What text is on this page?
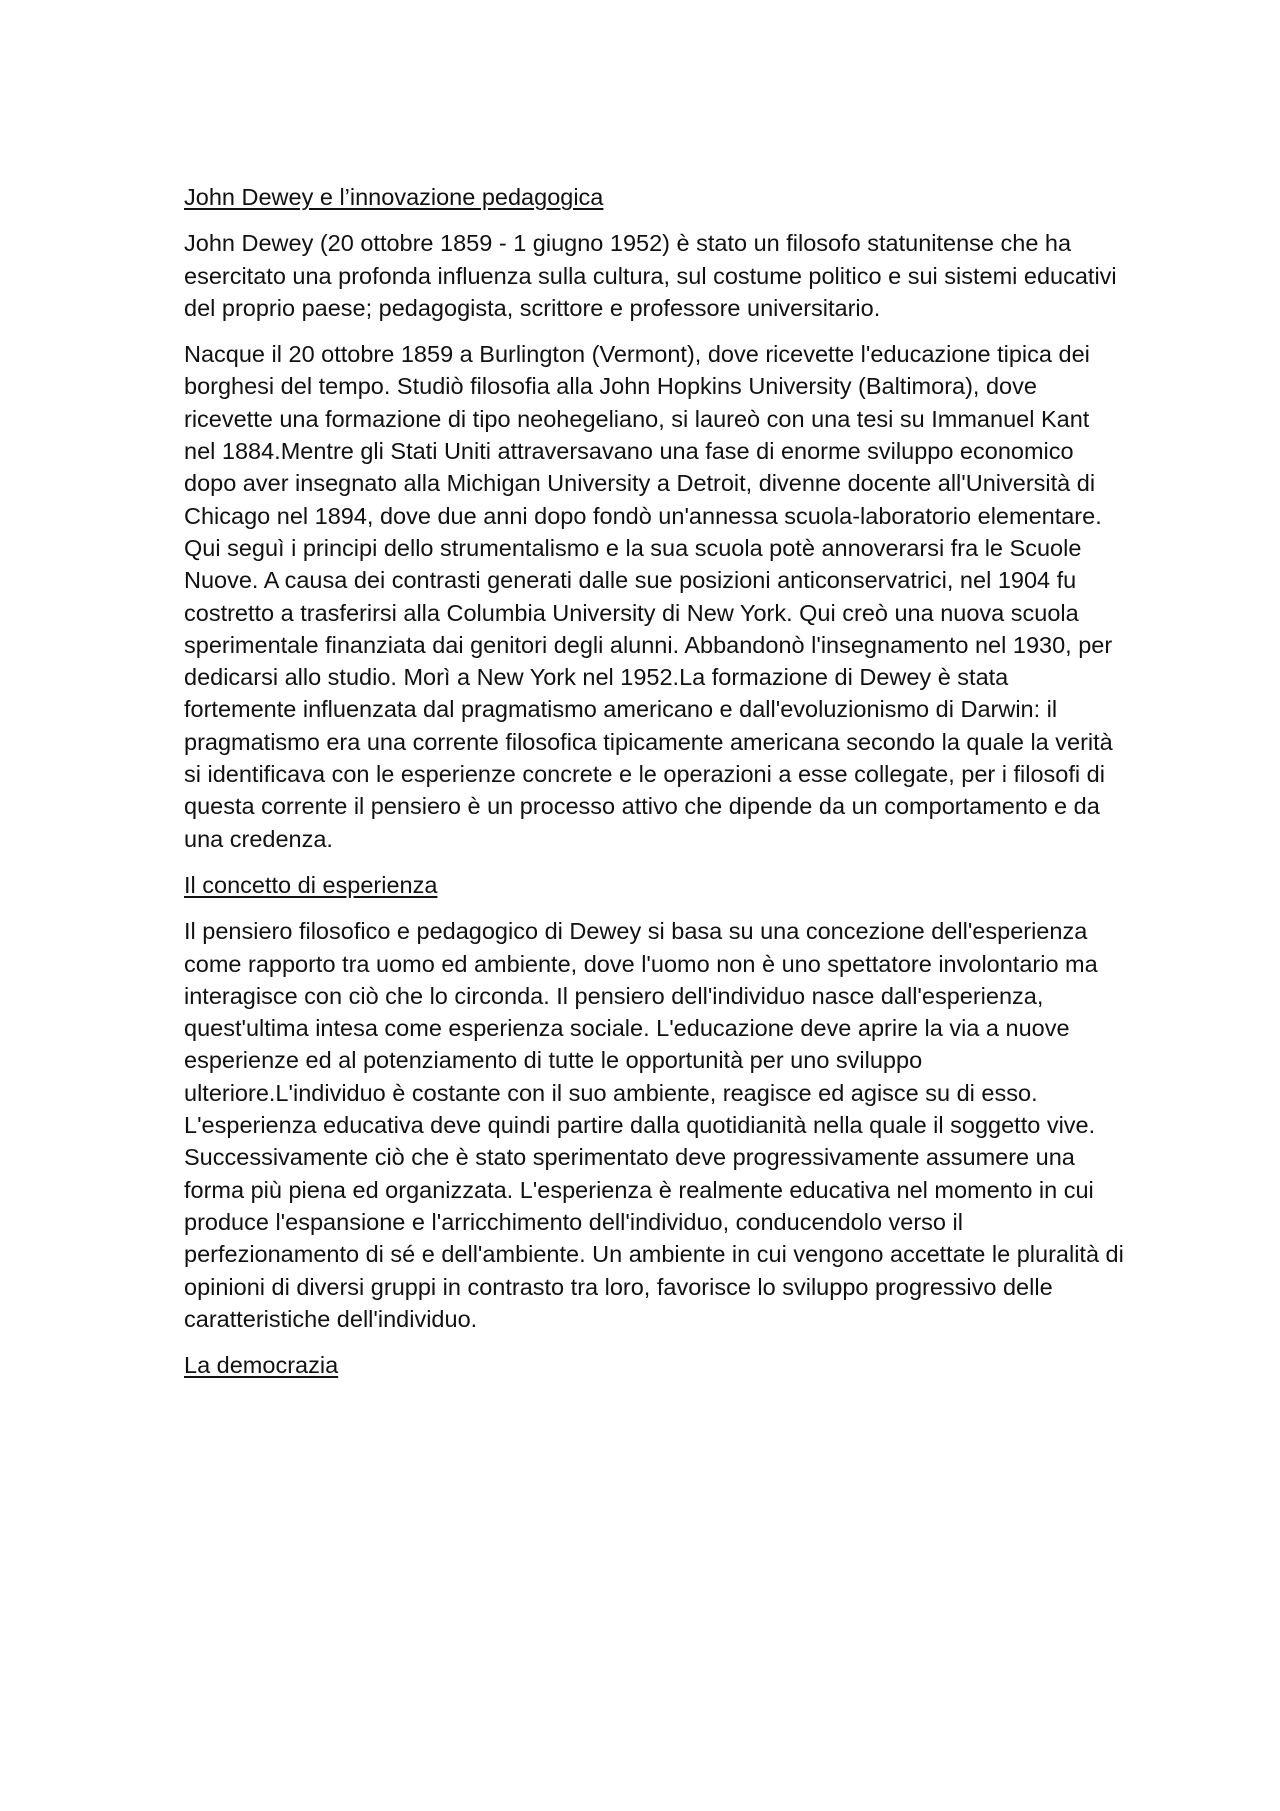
John Dewey e l’innovazione pedagogica

John Dewey (20 ottobre 1859 - 1 giugno 1952) è stato un filosofo statunitense che ha esercitato una profonda influenza sulla cultura, sul costume politico e sui sistemi educativi del proprio paese; pedagogista, scrittore e professore universitario.

Nacque il 20 ottobre 1859 a Burlington (Vermont), dove ricevette l'educazione tipica dei borghesi del tempo. Studiò filosofia alla John Hopkins University (Baltimora), dove ricevette una formazione di tipo neohegeliano, si laureò con una tesi su Immanuel Kant nel 1884.Mentre gli Stati Uniti attraversavano una fase di enorme sviluppo economico dopo aver insegnato alla Michigan University a Detroit, divenne docente all'Università di Chicago nel 1894, dove due anni dopo fondò un'annessa scuola-laboratorio elementare. Qui seguì i principi dello strumentalismo e la sua scuola potè annoverarsi fra le Scuole Nuove. A causa dei contrasti generati dalle sue posizioni anticonservatrici, nel 1904 fu costretto a trasferirsi alla Columbia University di New York. Qui creò una nuova scuola sperimentale finanziata dai genitori degli alunni. Abbandonò l'insegnamento nel 1930, per dedicarsi allo studio. Morì a New York nel 1952.La formazione di Dewey è stata fortemente influenzata dal pragmatismo americano e dall'evoluzionismo di Darwin: il pragmatismo era una corrente filosofica tipicamente americana secondo la quale la verità si identificava con le esperienze concrete e le operazioni a esse collegate, per i filosofi di questa corrente il pensiero è un processo attivo che dipende da un comportamento e da una credenza.

Il concetto di esperienza

Il pensiero filosofico e pedagogico di Dewey si basa su una concezione dell'esperienza come rapporto tra uomo ed ambiente, dove l'uomo non è uno spettatore involontario ma interagisce con ciò che lo circonda. Il pensiero dell'individuo nasce dall'esperienza, quest'ultima intesa come esperienza sociale. L'educazione deve aprire la via a nuove esperienze ed al potenziamento di tutte le opportunità per uno sviluppo ulteriore.L'individuo è costante con il suo ambiente, reagisce ed agisce su di esso. L'esperienza educativa deve quindi partire dalla quotidianità nella quale il soggetto vive. Successivamente ciò che è stato sperimentato deve progressivamente assumere una forma più piena ed organizzata. L'esperienza è realmente educativa nel momento in cui produce l'espansione e l'arricchimento dell'individuo, conducendolo verso il perfezionamento di sé e dell'ambiente. Un ambiente in cui vengono accettate le pluralità di opinioni di diversi gruppi in contrasto tra loro, favorisce lo sviluppo progressivo delle caratteristiche dell'individuo.

La democrazia
